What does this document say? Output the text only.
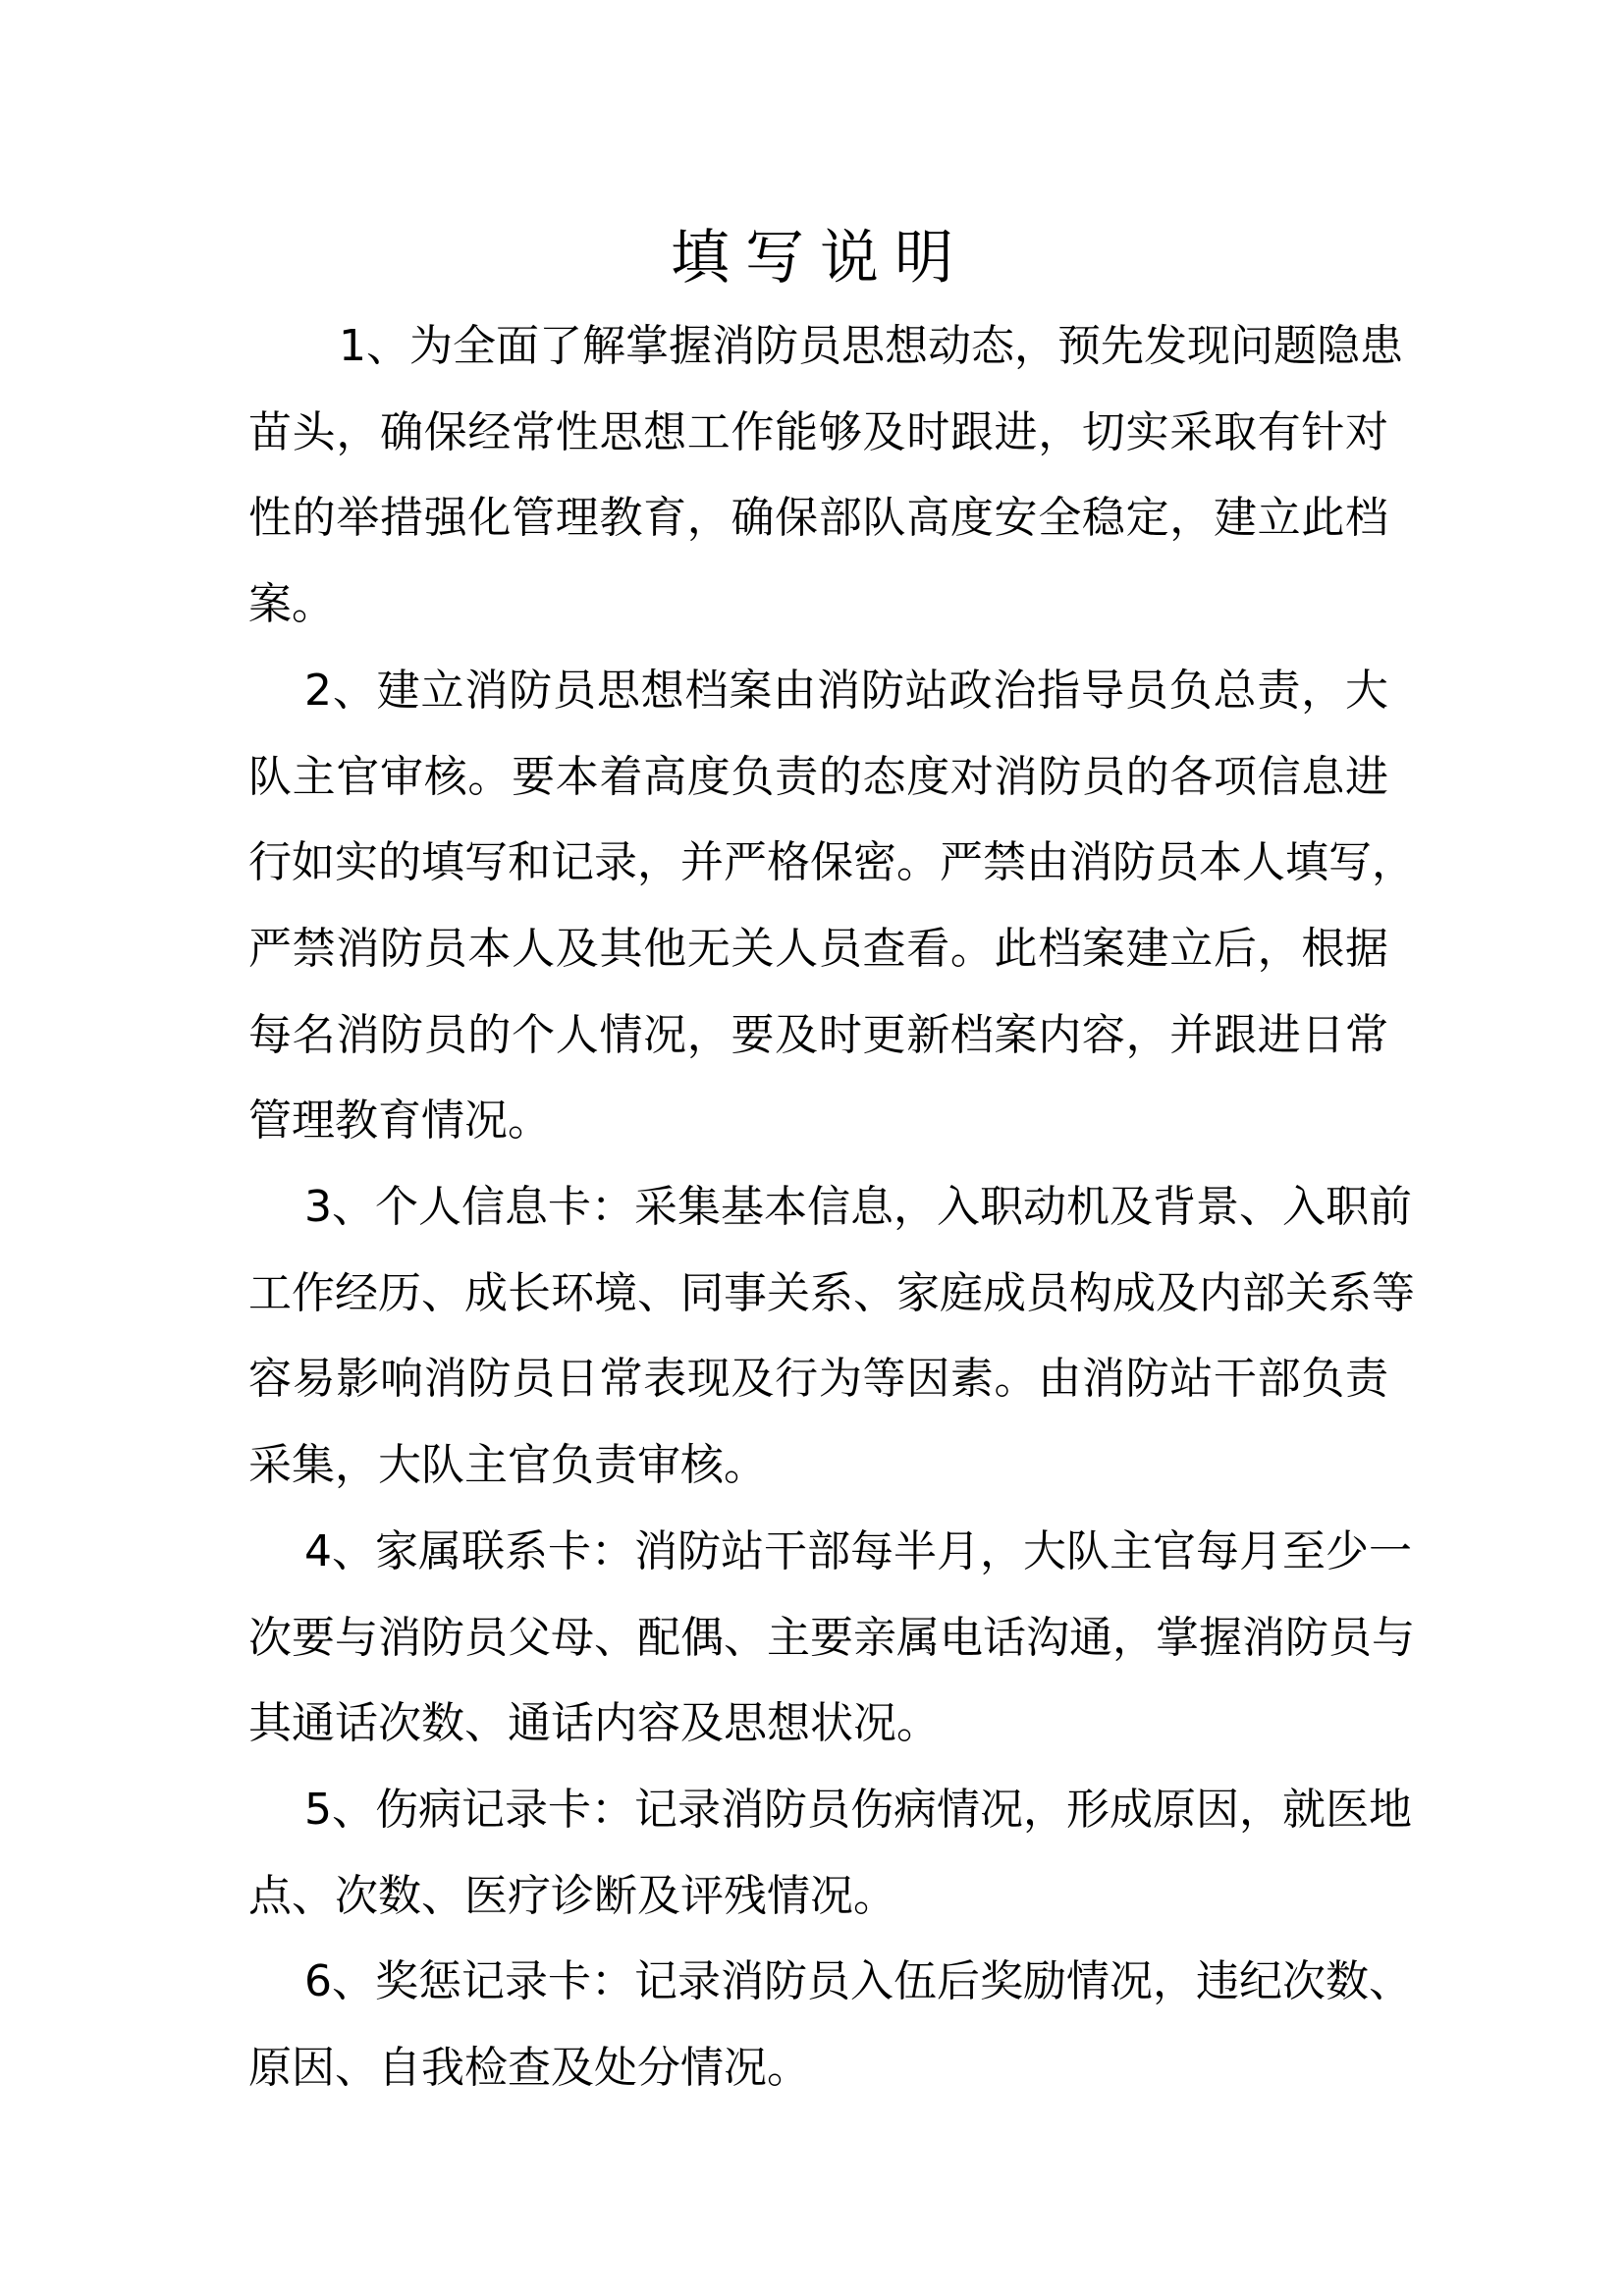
填写说明
1、为全面了解掌握消防员思想动态，预先发现问题隐患
苗头，确保经常性思想工作能够及时跟进，切实采取有针对
性的举措强化管理教育，确保部队高度安全稳定，建立此档
案。
2、建立消防员思想档案由消防站政治指导员负总责，大
队主官审核。要本着高度负责的态度对消防员的各项信息进
行如实的填写和记录，并严格保密。严禁由消防员本人填写，
严禁消防员本人及其他无关人员查看。此档案建立后，根据
每名消防员的个人情况，要及时更新档案内容，并跟进日常
管理教育情况。
3、个人信息卡：采集基本信息，入职动机及背景、入职前
工作经历、成长环境、同事关系、家庭成员构成及内部关系等
容易影响消防员日常表现及行为等因素。由消防站干部负责
采集，大队主官负责审核。
4、家属联系卡：消防站干部每半月，大队主官每月至少一
次要与消防员父母、配偶、主要亲属电话沟通，掌握消防员与
其通话次数、通话内容及思想状况。
5、伤病记录卡：记录消防员伤病情况，形成原因，就医地
点、次数、医疗诊断及评残情况。
6、奖惩记录卡：记录消防员入伍后奖励情况，违纪次数、
原因、自我检查及处分情况。
